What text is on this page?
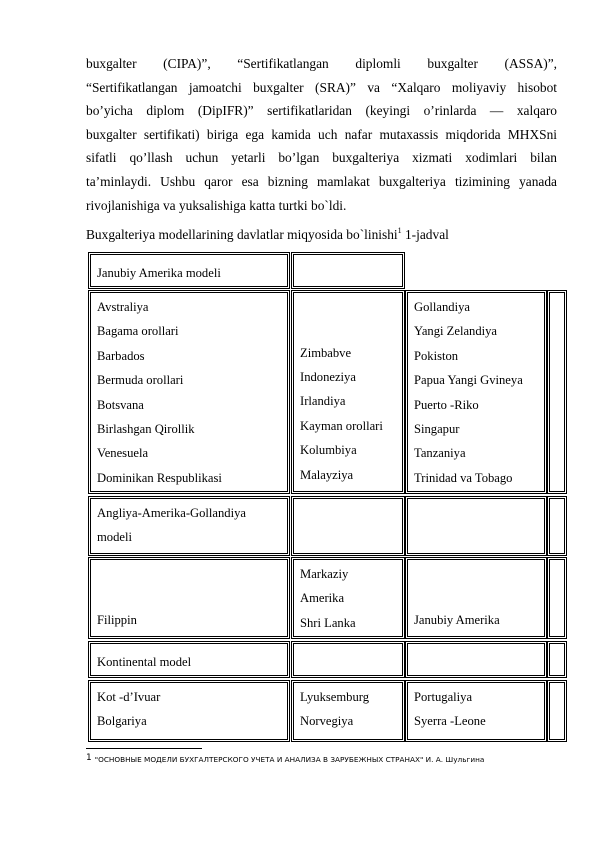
buxgalter (CIPA)”, “Sertifikatlangan diplomli buxgalter (ASSA)”,
“Sertifikatlangan jamoatchi buxgalter (SRA)” va “Xalqaro moliyaviy hisobot
bo’yicha diplom (DipIFR)” sertifikatlaridan (keyingi o’rinlarda — xalqaro
buxgalter sertifikati) biriga ega kamida uch nafar mutaxassis miqdorida MHXSni
sifatli qo’llash uchun yetarli bo’lgan buxgalteriya xizmati xodimlari bilan
ta’minlaydi. Ushbu qaror esa bizning mamlakat buxgalteriya tizimining yanada
rivojlanishiga va yuksalishiga katta turtki bo`ldi.
Buxgalteriya modellarining davlatlar miqyosida bo`linishi$^1$ 1-jadval
Janubiy Amerika modeli
Avstraliya
Bagama orollari
Barbados
Bermuda orollari
Botsvana
Birlashgan Qirollik
Venesuela
Dominikan Respublikasi
Zimbabve
Indoneziya
Irlandiya
Kayman orollari
Kolumbiya
Malayziya
Gollandiya
Yangi Zelandiya
Pokiston
Papua Yangi Gvineya
Puerto -Riko
Singapur
Tanzaniya
Trinidad va Tobago
Angliya-Amerika-Gollandiya
modeli
Filippin
Markaziy
Amerika
Shri Lanka	Janubiy Amerika
Kontinental model
Kot -d’Ivuar
Bolgariya
Lyuksemburg
Norvegiya
Portugaliya
Syerra -Leone
$^1$ "ОСНОВНЫЕ МОДЕЛИ БУХГАЛТЕРСКОГО УЧЕТА И АНАЛИЗА В ЗАРУБЕЖНЫХ СТРАНАХ" И. А. Шульгина
